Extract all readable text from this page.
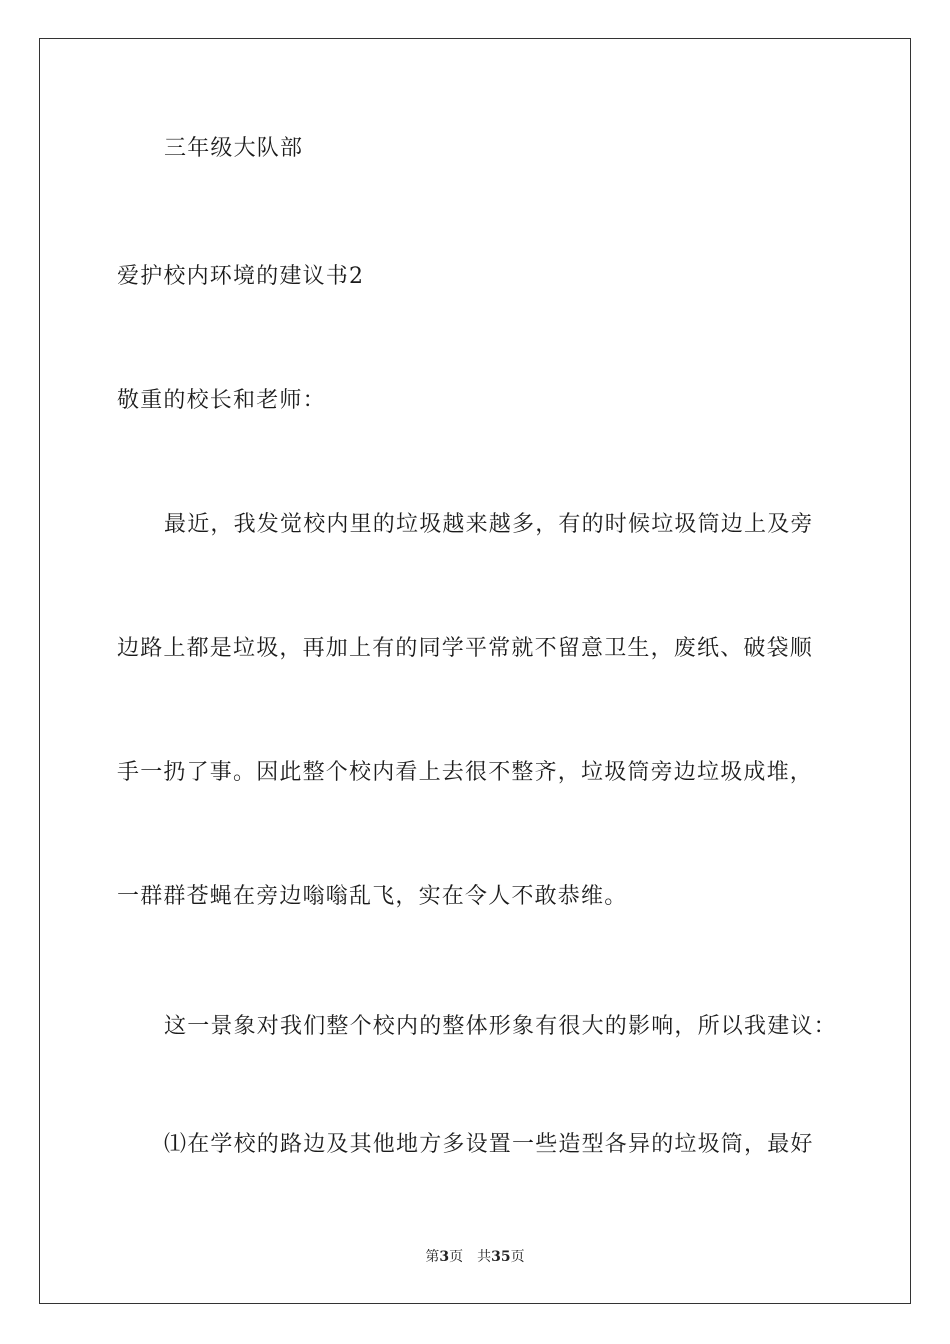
三年级大队部
爱护校内环境的建议书2
敬重的校长和老师：
最近，我发觉校内里的垃圾越来越多，有的时候垃圾筒边上及旁
边路上都是垃圾，再加上有的同学平常就不留意卫生，废纸、破袋顺
手一扔了事。因此整个校内看上去很不整齐，垃圾筒旁边垃圾成堆，
一群群苍蝇在旁边嗡嗡乱飞，实在令人不敢恭维。
这一景象对我们整个校内的整体形象有很大的影响，所以我建议：
⑴在学校的路边及其他地方多设置一些造型各异的垃圾筒，最好
第3页 共35页
